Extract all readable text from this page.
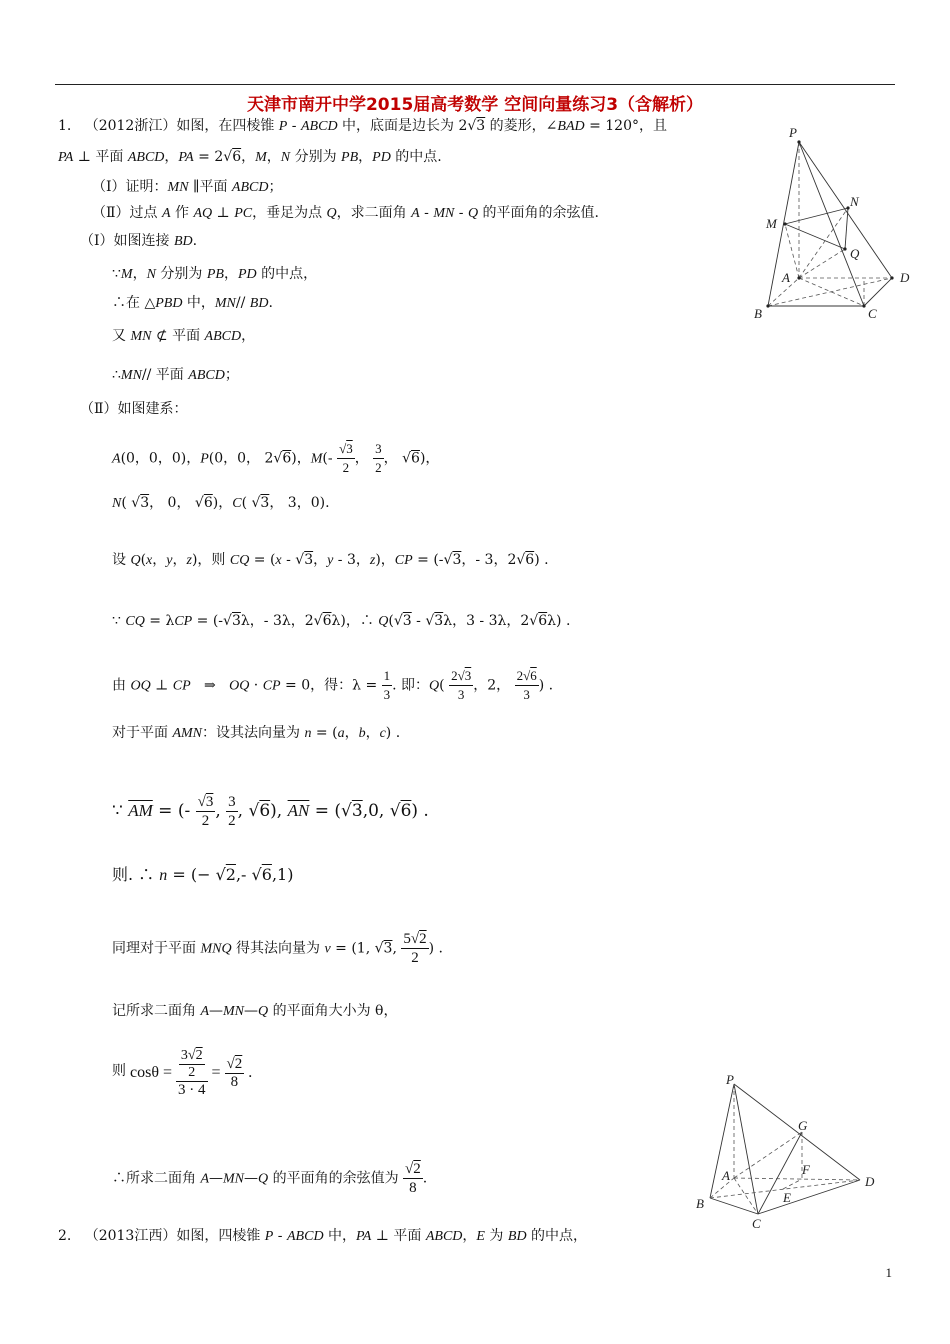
天津市南开中学2015届高考数学 空间向量练习3（含解析）
1.   （2012浙江）如图，在四棱锥 P - ABCD 中，底面是边长为 2√3 的菱形，∠BAD = 120°，且
PA ⊥ 平面 ABCD，PA = 2√6，M，N 分别为 PB，PD 的中点.
（Ⅰ）证明：MN ∥平面 ABCD；
（Ⅱ）过点 A 作 AQ ⊥ PC，垂足为点 Q，求二面角 A - MN - Q 的平面角的余弦值.
（Ⅰ）如图连接 BD.
∵M，N 分别为 PB，PD 的中点，
∴在 △PBD 中，MN// BD.
又 MN ⊄ 平面 ABCD，
∴MN// 平面 ABCD；
（Ⅱ）如图建系：
A(0，0，0)，P(0，0， 2√6)，$M(- \frac{√3}{2}$ ， $\frac{3}{2}$ ， √6)，
N( √3， 0， √6)，C( √3， 3，0).
设 Q(x，y，z)，则 CQ = (x - √3，y - 3，z)，CP = (-√3，- 3，2√6) .
∵ CQ = λCP = (-√3λ，- 3λ，2√6λ)，∴ Q(√3 - √3λ，3 - 3λ，2√6λ) .
由 OQ ⊥ CP   ⇒   OQ · CP = 0，得：$\lambda = \frac{1}{3}$ . 即：$Q( \frac{2√3}{3}$ ，2， $\frac{2√6}{3}$ ) .
对于平面 AMN：设其法向量为 n = (a，b，c) .
∵ $\overline{AM}$ = (- $\frac{√3}{2}$ , $\frac{3}{2}$ , √6), $\overline{AN} = (√3,0$, √6) .
则. ∴ n = (− √2,- √6,1)
同理对于平面 MNQ 得其法向量为 v = (1, √3, $\frac{5√2}{2}$ ) .
记所求二面角 A—MN—Q 的平面角大小为 θ，
则 $\cos\theta = \frac{\frac{3√2}{2}}{3 \cdot 4} = \frac{√2}{8}$ .
∴所求二面角 A—MN—Q 的平面角的余弦值为 $\frac{√2}{8}$ .
2.   （2013江西）如图，四棱锥 P - ABCD 中，PA ⊥ 平面 ABCD，E 为 BD 的中点，
P
N
M
Q
A	D
B	C
P
G
F
A
E
D
B
C
1
